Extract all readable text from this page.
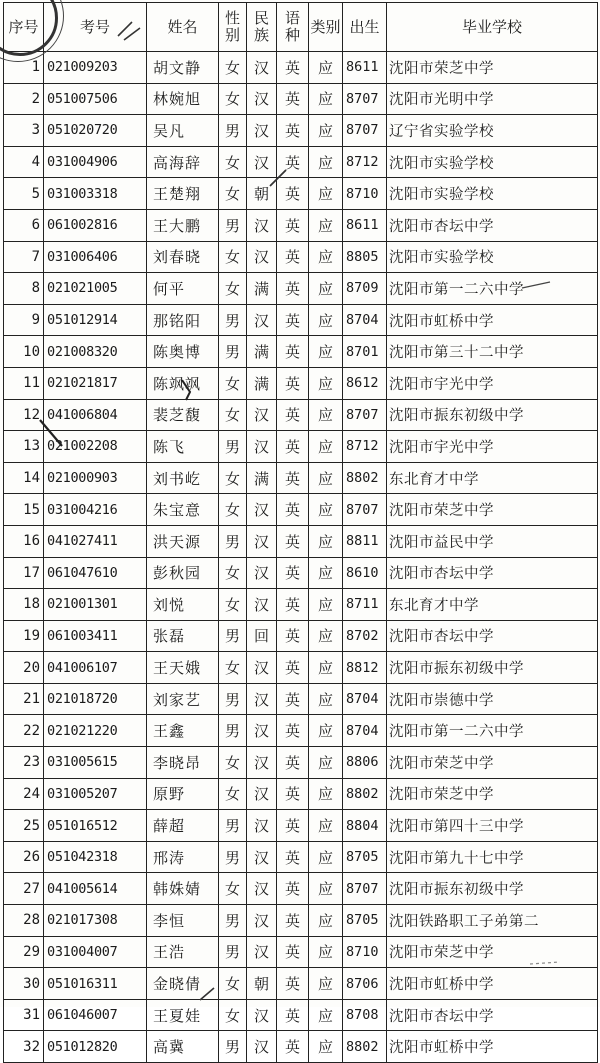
序号	考号	姓名	性别	民族	语种	类别	出生	毕业学校
1	021009203	胡文静	女	汉	英	应	8611	沈阳市荣芝中学
2	051007506	林婉旭	女	汉	英	应	8707	沈阳市光明中学
3	051020720	吴凡	男	汉	英	应	8707	辽宁省实验学校
4	031004906	高海辞	女	汉	英	应	8712	沈阳市实验学校
5	031003318	王楚翔	女	朝	英	应	8710	沈阳市实验学校
6	061002816	王大鹏	男	汉	英	应	8611	沈阳市杏坛中学
7	031006406	刘春晓	女	汉	英	应	8805	沈阳市实验学校
8	021021005	何平	女	满	英	应	8709	沈阳市第一二六中学
9	051012914	那铭阳	男	汉	英	应	8704	沈阳市虹桥中学
10	021008320	陈奥博	男	满	英	应	8701	沈阳市第三十二中学
11	021021817	陈飒飒	女	满	英	应	8612	沈阳市宇光中学
12	041006804	裴芝馥	女	汉	英	应	8707	沈阳市振东初级中学
13	021002208	陈飞	男	汉	英	应	8712	沈阳市宇光中学
14	021000903	刘书屹	女	满	英	应	8802	东北育才中学
15	031004216	朱宝意	女	汉	英	应	8707	沈阳市荣芝中学
16	041027411	洪天源	男	汉	英	应	8811	沈阳市益民中学
17	061047610	彭秋园	女	汉	英	应	8610	沈阳市杏坛中学
18	021001301	刘悦	女	汉	英	应	8711	东北育才中学
19	061003411	张磊	男	回	英	应	8702	沈阳市杏坛中学
20	041006107	王天娥	女	汉	英	应	8812	沈阳市振东初级中学
21	021018720	刘家艺	男	汉	英	应	8704	沈阳市崇德中学
22	021021220	王鑫	男	汉	英	应	8704	沈阳市第一二六中学
23	031005615	李晓昂	女	汉	英	应	8806	沈阳市荣芝中学
24	031005207	原野	女	汉	英	应	8802	沈阳市荣芝中学
25	051016512	薛超	男	汉	英	应	8804	沈阳市第四十三中学
26	051042318	邢涛	男	汉	英	应	8705	沈阳市第九十七中学
27	041005614	韩姝婧	女	汉	英	应	8707	沈阳市振东初级中学
28	021017308	李恒	男	汉	英	应	8705	沈阳铁路职工子弟第二
29	031004007	王浩	男	汉	英	应	8710	沈阳市荣芝中学
30	051016311	金晓倩	女	朝	英	应	8706	沈阳市虹桥中学
31	061046007	王夏娃	女	汉	英	应	8708	沈阳市杏坛中学
32	051012820	高冀	男	汉	英	应	8802	沈阳市虹桥中学
